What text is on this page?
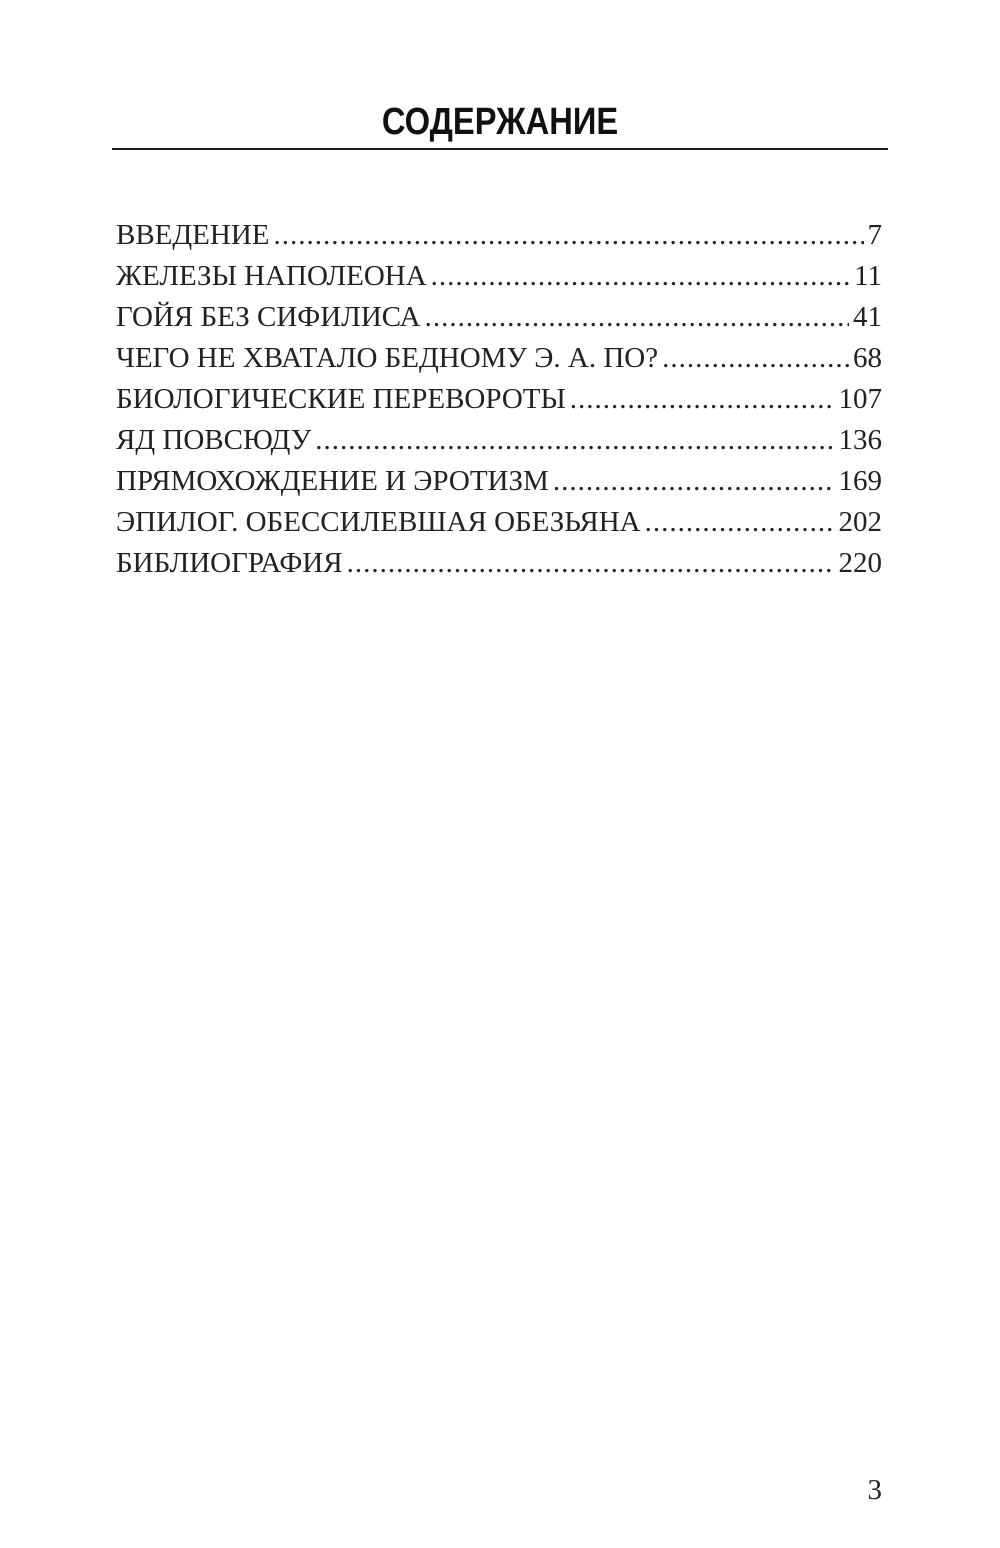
СОДЕРЖАНИЕ
ВВЕДЕНИЕ .....	7
ЖЕЛЕЗЫ НАПОЛЕОНА .....	11
ГОЙЯ БЕЗ СИФИЛИСА .....	41
ЧЕГО НЕ ХВАТАЛО БЕДНОМУ Э. А. ПО? .....	68
БИОЛОГИЧЕСКИЕ ПЕРЕВОРОТЫ .....	107
ЯД ПОВСЮДУ .....	136
ПРЯМОХОЖДЕНИЕ И ЭРОТИЗМ .....	169
ЭПИЛОГ. ОБЕССИЛЕВШАЯ ОБЕЗЬЯНА .....	202
БИБЛИОГРАФИЯ .....	220
3
